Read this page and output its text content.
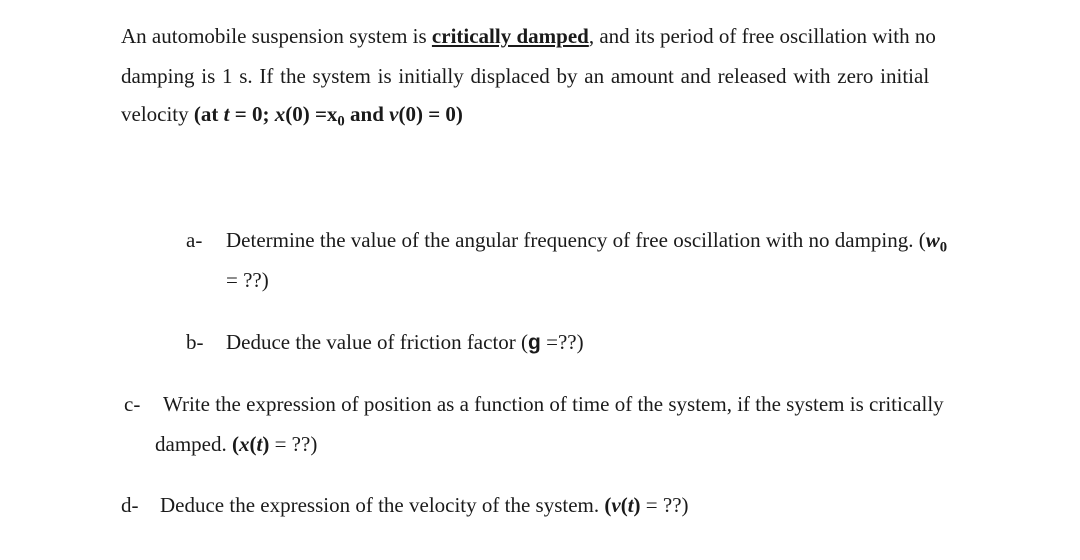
An automobile suspension system is critically damped, and its period of free oscillation with no
damping is 1 s. If the system is initially displaced by an amount and released with zero initial
velocity (at t = 0; $x(0) =x_0$ and v(0) = 0)
a- Determine the value of the angular frequency of free oscillation with no damping. ($w_0$
= ??)
b- Deduce the value of friction factor (g =??)
c- Write the expression of position as a function of time of the system, if the system is critically
damped. (x(t) = ??)
d- Deduce the expression of the velocity of the system. (v(t) = ??)
